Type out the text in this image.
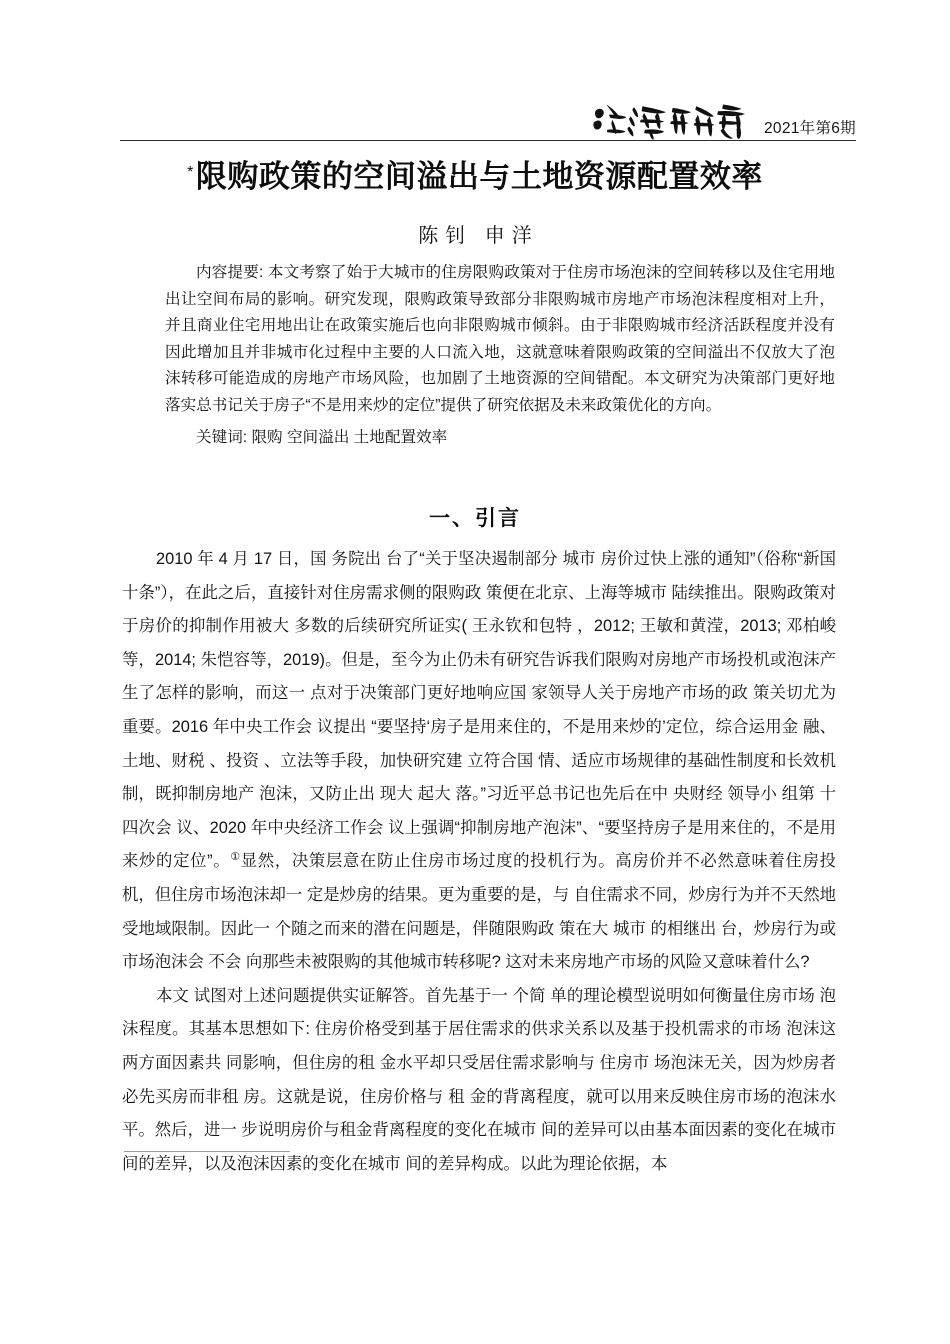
2021年第6期
*限购政策的空间溢出与土地资源配置效率
陈钊 申洋

内容提要: 本文考察了始于大城市的住房限购政策对于住房市场泡沫的空间转移以及住宅用地出让空间布局的影响。研究发现，限购政策导致部分非限购城市房地产市场泡沫程度相对上升，并且商业住宅用地出让在政策实施后也向非限购城市倾斜。由于非限购城市经济活跃程度并没有因此增加且并非城市化过程中主要的人口流入地，这就意味着限购政策的空间溢出不仅放大了泡沫转移可能造成的房地产市场风险，也加剧了土地资源的空间错配。本文研究为决策部门更好地落实总书记关于房子“不是用来炒的定位”提供了研究依据及未来政策优化的方向。

关键词: 限购 空间溢出 土地配置效率

一、引言

2010 年 4 月 17 日，国 务院出 台了“关于坚决遏制部分 城市 房价过快上涨的通知”（俗称“新国 十条”），在此之后，直接针对住房需求侧的限购政 策便在北京、上海等城市 陆续推出。限购政策对于房价的抑制作用被大 多数的后续研究所证实( 王永钦和包特 ，2012; 王敏和黄滢，2013; 邓柏峻等，2014; 朱恺容等，2019)。但是，至今为止仍未有研究告诉我们限购对房地产市场投机或泡沫产 生了怎样的影响，而这一 点对于决策部门更好地响应国 家领导人关于房地产市场的政 策关切尤为重要。2016 年中央工作会 议提出 “要坚持‘房子是用来住的，不是用来炒的’定位，综合运用金 融、土地、财税 、投资 、立法等手段，加快研究建 立符合国 情、适应市场规律的基础性制度和长效机制，既抑制房地产 泡沫，又防止出 现大 起大 落。”习近平总书记也先后在中 央财经 领导小 组第 十四次会 议、2020 年中央经济工作会 议上强调“抑制房地产泡沫”、“要坚持房子是用来住的，不是用来炒的定位”。①显然，决策层意在防止住房市场过度的投机行为。高房价并不必然意味着住房投机，但住房市场泡沫却一 定是炒房的结果。更为重要的是，与 自住需求不同，炒房行为并不天然地受地域限制。因此一 个随之而来的潜在问题是，伴随限购政 策在大 城市 的相继出 台，炒房行为或市场泡沫会 不会 向那些未被限购的其他城市转移呢? 这对未来房地产市场的风险又意味着什么?

本文 试图对上述问题提供实证解答。首先基于一 个简 单的理论模型说明如何衡量住房市场 泡沫程度。其基本思想如下: 住房价格受到基于居住需求的供求关系以及基于投机需求的市场 泡沫这两方面因素共 同影响，但住房的租 金水平却只受居住需求影响与 住房市 场泡沫无关，因为炒房者必先买房而非租 房。这就是说，住房价格与 租 金的背离程度，就可以用来反映住房市场的泡沫水平。然后，进一 步说明房价与租金背离程度的变化在城市 间的差异可以由基本面因素的变化在城市 间的差异，以及泡沫因素的变化在城市 间的差异构成。以此为理论依据，本
